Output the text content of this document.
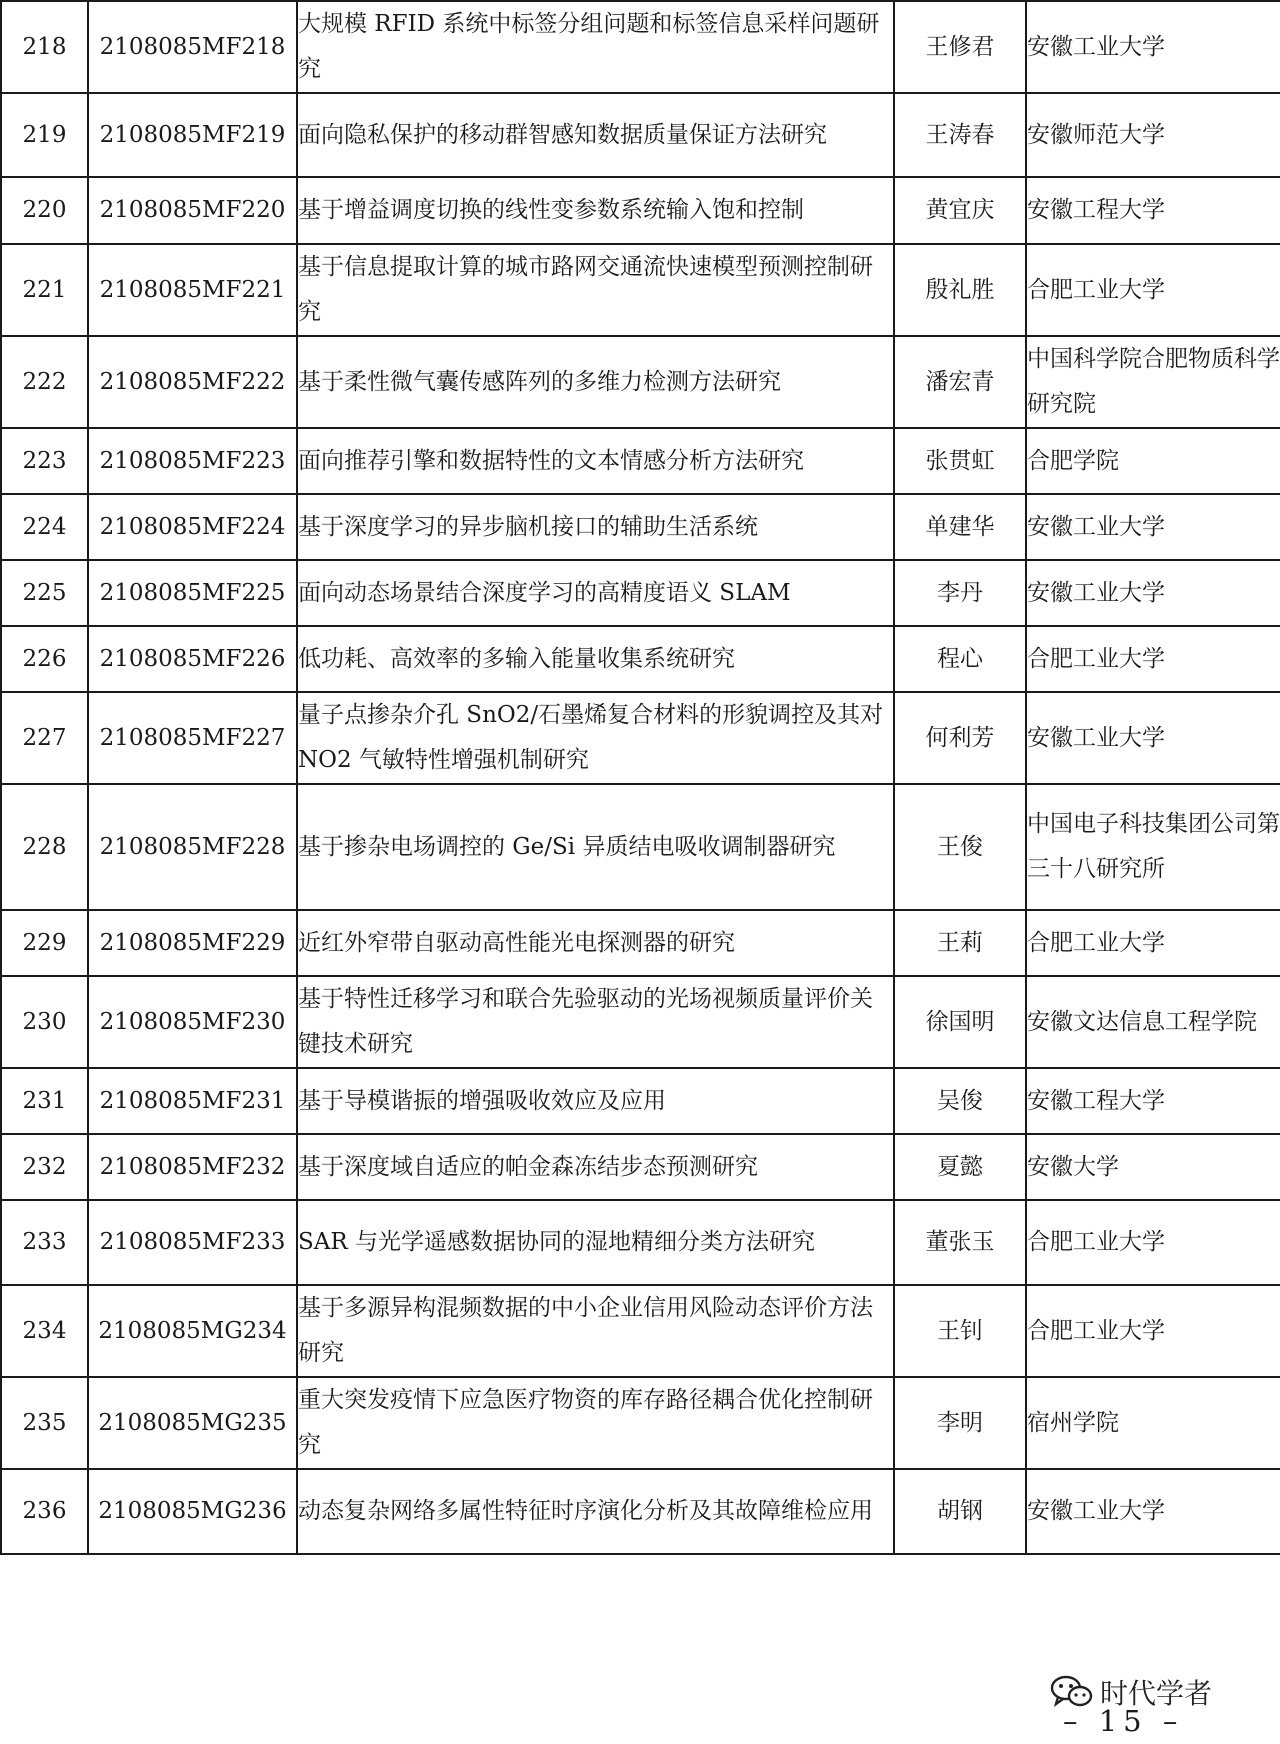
218	2108085MF218	大规模 RFID 系统中标签分组问题和标签信息采样问题研究	王修君	安徽工业大学
219	2108085MF219	面向隐私保护的移动群智感知数据质量保证方法研究	王涛春	安徽师范大学
220	2108085MF220	基于增益调度切换的线性变参数系统输入饱和控制	黄宜庆	安徽工程大学
221	2108085MF221	基于信息提取计算的城市路网交通流快速模型预测控制研究	殷礼胜	合肥工业大学
222	2108085MF222	基于柔性微气囊传感阵列的多维力检测方法研究	潘宏青	中国科学院合肥物质科学研究院
223	2108085MF223	面向推荐引擎和数据特性的文本情感分析方法研究	张贯虹	合肥学院
224	2108085MF224	基于深度学习的异步脑机接口的辅助生活系统	单建华	安徽工业大学
225	2108085MF225	面向动态场景结合深度学习的高精度语义 SLAM	李丹	安徽工业大学
226	2108085MF226	低功耗、高效率的多输入能量收集系统研究	程心	合肥工业大学
227	2108085MF227	量子点掺杂介孔 SnO2/石墨烯复合材料的形貌调控及其对 NO2 气敏特性增强机制研究	何利芳	安徽工业大学
228	2108085MF228	基于掺杂电场调控的 Ge/Si 异质结电吸收调制器研究	王俊	中国电子科技集团公司第三十八研究所
229	2108085MF229	近红外窄带自驱动高性能光电探测器的研究	王莉	合肥工业大学
230	2108085MF230	基于特性迁移学习和联合先验驱动的光场视频质量评价关键技术研究	徐国明	安徽文达信息工程学院
231	2108085MF231	基于导模谐振的增强吸收效应及应用	吴俊	安徽工程大学
232	2108085MF232	基于深度域自适应的帕金森冻结步态预测研究	夏懿	安徽大学
233	2108085MF233	SAR 与光学遥感数据协同的湿地精细分类方法研究	董张玉	合肥工业大学
234	2108085MG234	基于多源异构混频数据的中小企业信用风险动态评价方法研究	王钊	合肥工业大学
235	2108085MG235	重大突发疫情下应急医疗物资的库存路径耦合优化控制研究	李明	宿州学院
236	2108085MG236	动态复杂网络多属性特征时序演化分析及其故障维检应用	胡钢	安徽工业大学
时代学者
– 15 –
